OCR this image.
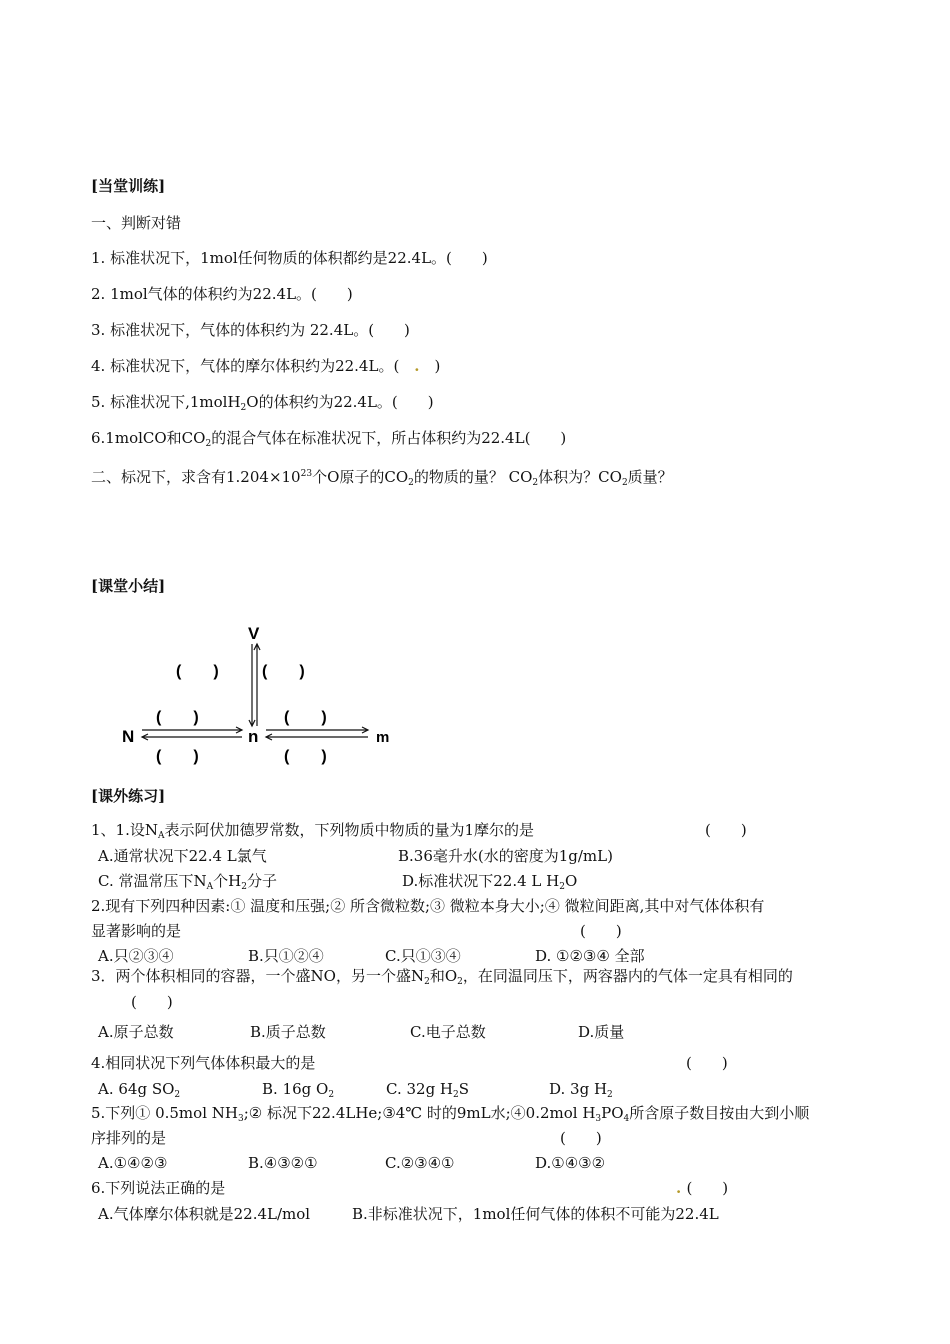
[当堂训练]
一、判断对错
1. 标准状况下，1mol任何物质的体积都约是22.4L。(　　)
2. 1mol气体的体积约为22.4L。(　　)
3. 标准状况下，气体的体积约为 22.4L。(　　)
4. 标准状况下，气体的摩尔体积约为22.4L。(　.　)
5. 标准状况下,1molH$_2$O的体积约为22.4L。(　　)
6.1molCO和$CO_2$的混合气体在标准状况下，所占体积约为22.4L(　　)
二、标况下，求含有$1.204\times 10^{23}$个O原子的$CO_2$的物质的量？ $CO_2$体积为？$CO_2$质量？
[课堂小结]
V
N	n	m
(　　)	(　　)
(　　)	(　　)
(　　)	(　　)
[课外练习]
1、1.设$N_A$表示阿伏加德罗常数，下列物质中物质的量为1摩尔的是	(　　)
A.通常状况下22.4 L氯气	B.36毫升水(水的密度为1g/mL)
C. 常温常压下$N_A$个$H_2$分子	D.标准状况下22.4 L $H_2O$
2.现有下列四种因素:① 温度和压强;② 所含微粒数;③ 微粒本身大小;④ 微粒间距离,其中对气体体积有
显著影响的是	(　　)
A.只②③④	B.只①②④	C.只①③④	D. ①②③④ 全部
3．两个体积相同的容器，一个盛NO，另一个盛$N_2$和$O_2$，在同温同压下，两容器内的气体一定具有相同的
(　　)
A.原子总数	B.质子总数	C.电子总数	D.质量
4.相同状况下列气体体积最大的是	(　　)
A. 64g $SO_2$	B. 16g $O_2$	C. 32g $H_2S$	D. 3g $H_2$
5.下列① 0.5mol $NH_3;②$ 标况下22.4LHe;③4℃ 时的9mL水;④0.2mol $H_3PO_4$所含原子数目按由大到小顺
序排列的是	(　　)
A.①④②③	B.④③②①	C.②③④①	D.①④③②
6.下列说法正确的是	. (　　)
A.气体摩尔体积就是22.4L/mol	B.非标准状况下，1mol任何气体的体积不可能为22.4L
